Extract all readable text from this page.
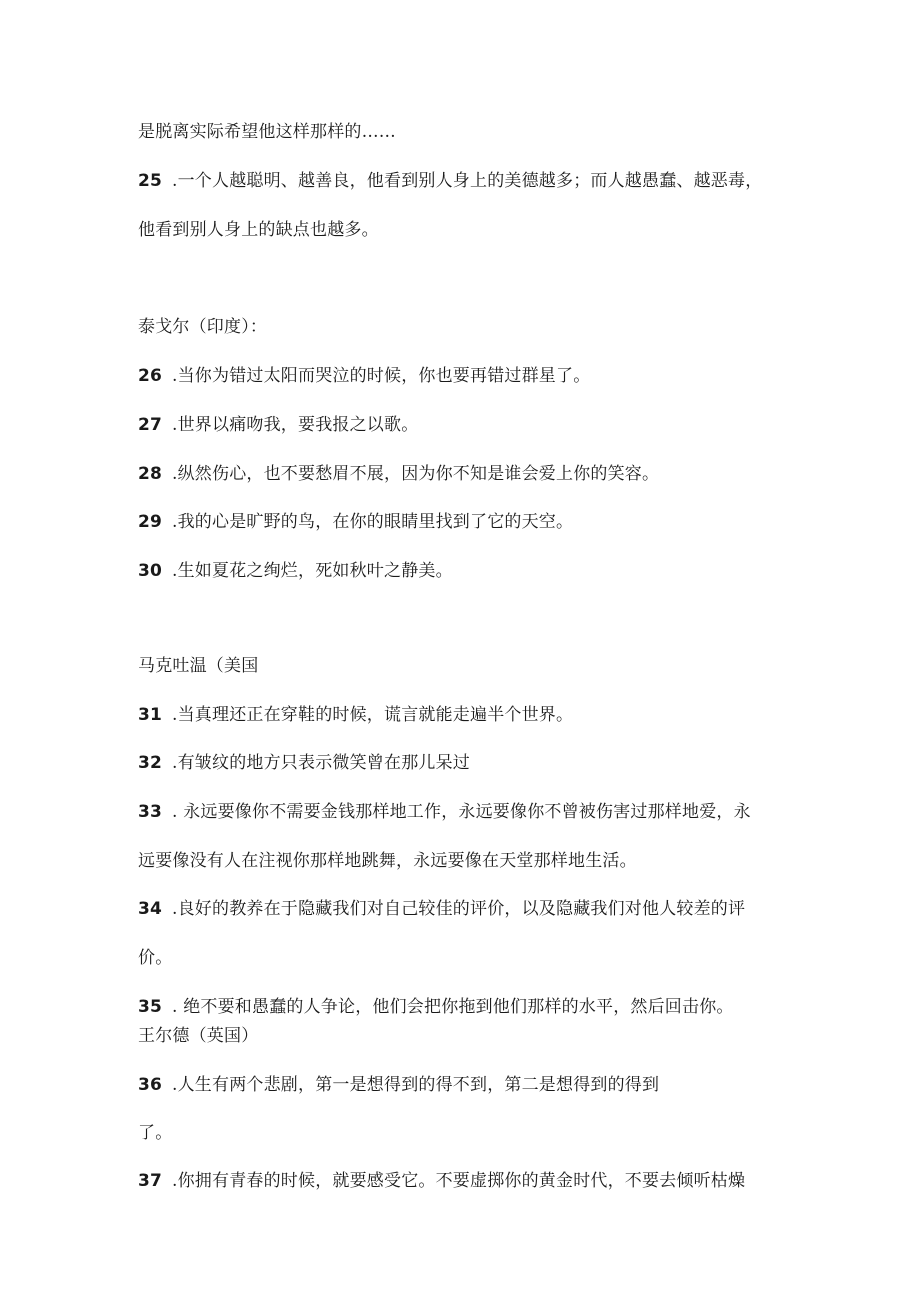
是脱离实际希望他这样那样的……
25 .一个人越聪明、越善良，他看到别人身上的美德越多；而人越愚蠢、越恶毒，
他看到别人身上的缺点也越多。
泰戈尔（印度）：
26 .当你为错过太阳而哭泣的时候，你也要再错过群星了。
27 .世界以痛吻我，要我报之以歌。
28 .纵然伤心，也不要愁眉不展，因为你不知是谁会爱上你的笑容。
29 .我的心是旷野的鸟，在你的眼睛里找到了它的天空。
30 .生如夏花之绚烂，死如秋叶之静美。
马克吐温（美国
31 .当真理还正在穿鞋的时候，谎言就能走遍半个世界。
32 .有皱纹的地方只表示微笑曾在那儿呆过
33 . 永远要像你不需要金钱那样地工作，永远要像你不曾被伤害过那样地爱，永
远要像没有人在注视你那样地跳舞，永远要像在天堂那样地生活。
34 .良好的教养在于隐藏我们对自己较佳的评价，以及隐藏我们对他人较差的评
价。
35 . 绝不要和愚蠢的人争论，他们会把你拖到他们那样的水平，然后回击你。
王尔德（英国）
36 .人生有两个悲剧，第一是想得到的得不到，第二是想得到的得到
了。
37 .你拥有青春的时候，就要感受它。不要虚掷你的黄金时代，不要去倾听枯燥
